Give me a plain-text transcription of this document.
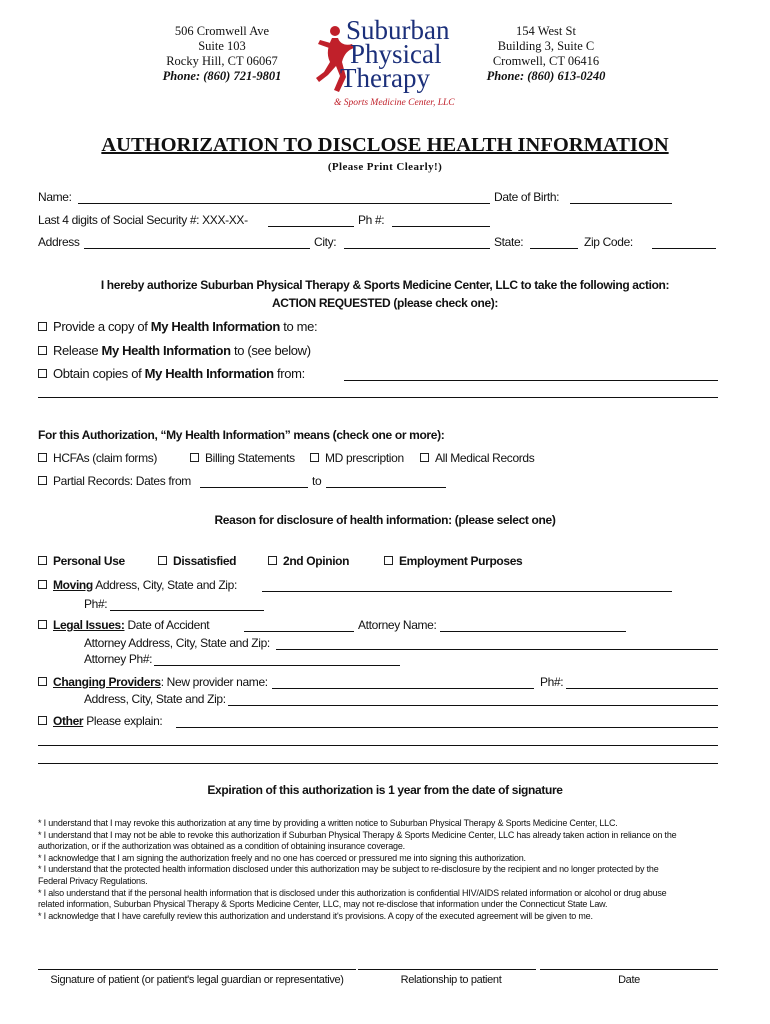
506 Cromwell Ave
Suite 103
Rocky Hill, CT 06067
Phone: (860) 721-9801
154 West St
Building 3, Suite C
Cromwell, CT 06416
Phone: (860) 613-0240
Suburban
Physical
Therapy
& Sports Medicine Center, LLC
AUTHORIZATION TO DISCLOSE HEALTH INFORMATION
(Please Print Clearly!)
Name:	Date of Birth:
Last 4 digits of Social Security #: XXX-XX-	Ph #:
Address	City:	State:	Zip Code:
I hereby authorize Suburban Physical Therapy & Sports Medicine Center, LLC to take the following action:
ACTION REQUESTED (please check one):
Provide a copy of My Health Information to me:
Release My Health Information to (see below)
Obtain copies of My Health Information from:
For this Authorization, “My Health Information” means (check one or more):
HCFAs (claim forms)	Billing Statements	MD prescription	All Medical Records
Partial Records: Dates from	to
Reason for disclosure of health information: (please select one)
Personal Use	Dissatisfied	2nd Opinion	Employment Purposes
Moving Address, City, State and Zip:
Ph#:
Legal Issues: Date of Accident	Attorney Name:
Attorney Address, City, State and Zip:
Attorney Ph#:
Changing Providers: New provider name:	Ph#:
Address, City, State and Zip:
Other Please explain:
Expiration of this authorization is 1 year from the date of signature
* I understand that I may revoke this authorization at any time by providing a written notice to Suburban Physical Therapy & Sports Medicine Center, LLC.
* I understand that I may not be able to revoke this authorization if Suburban Physical Therapy & Sports Medicine Center, LLC has already taken action in reliance on the
authorization, or if the authorization was obtained as a condition of obtaining insurance coverage.
* I acknowledge that I am signing the authorization freely and no one has coerced or pressured me into signing this authorization.
* I understand that the protected health information disclosed under this authorization may be subject to re-disclosure by the recipient and no longer protected by the
Federal Privacy Regulations.
* I also understand that if the personal health information that is disclosed under this authorization is confidential HIV/AIDS related information or alcohol or drug abuse
related information, Suburban Physical Therapy & Sports Medicine Center, LLC, may not re-disclose that information under the Connecticut State Law.
* I acknowledge that I have carefully review this authorization and understand it's provisions. A copy of the executed agreement will be given to me.
Signature of patient (or patient's legal guardian or representative)	Relationship to patient	Date
